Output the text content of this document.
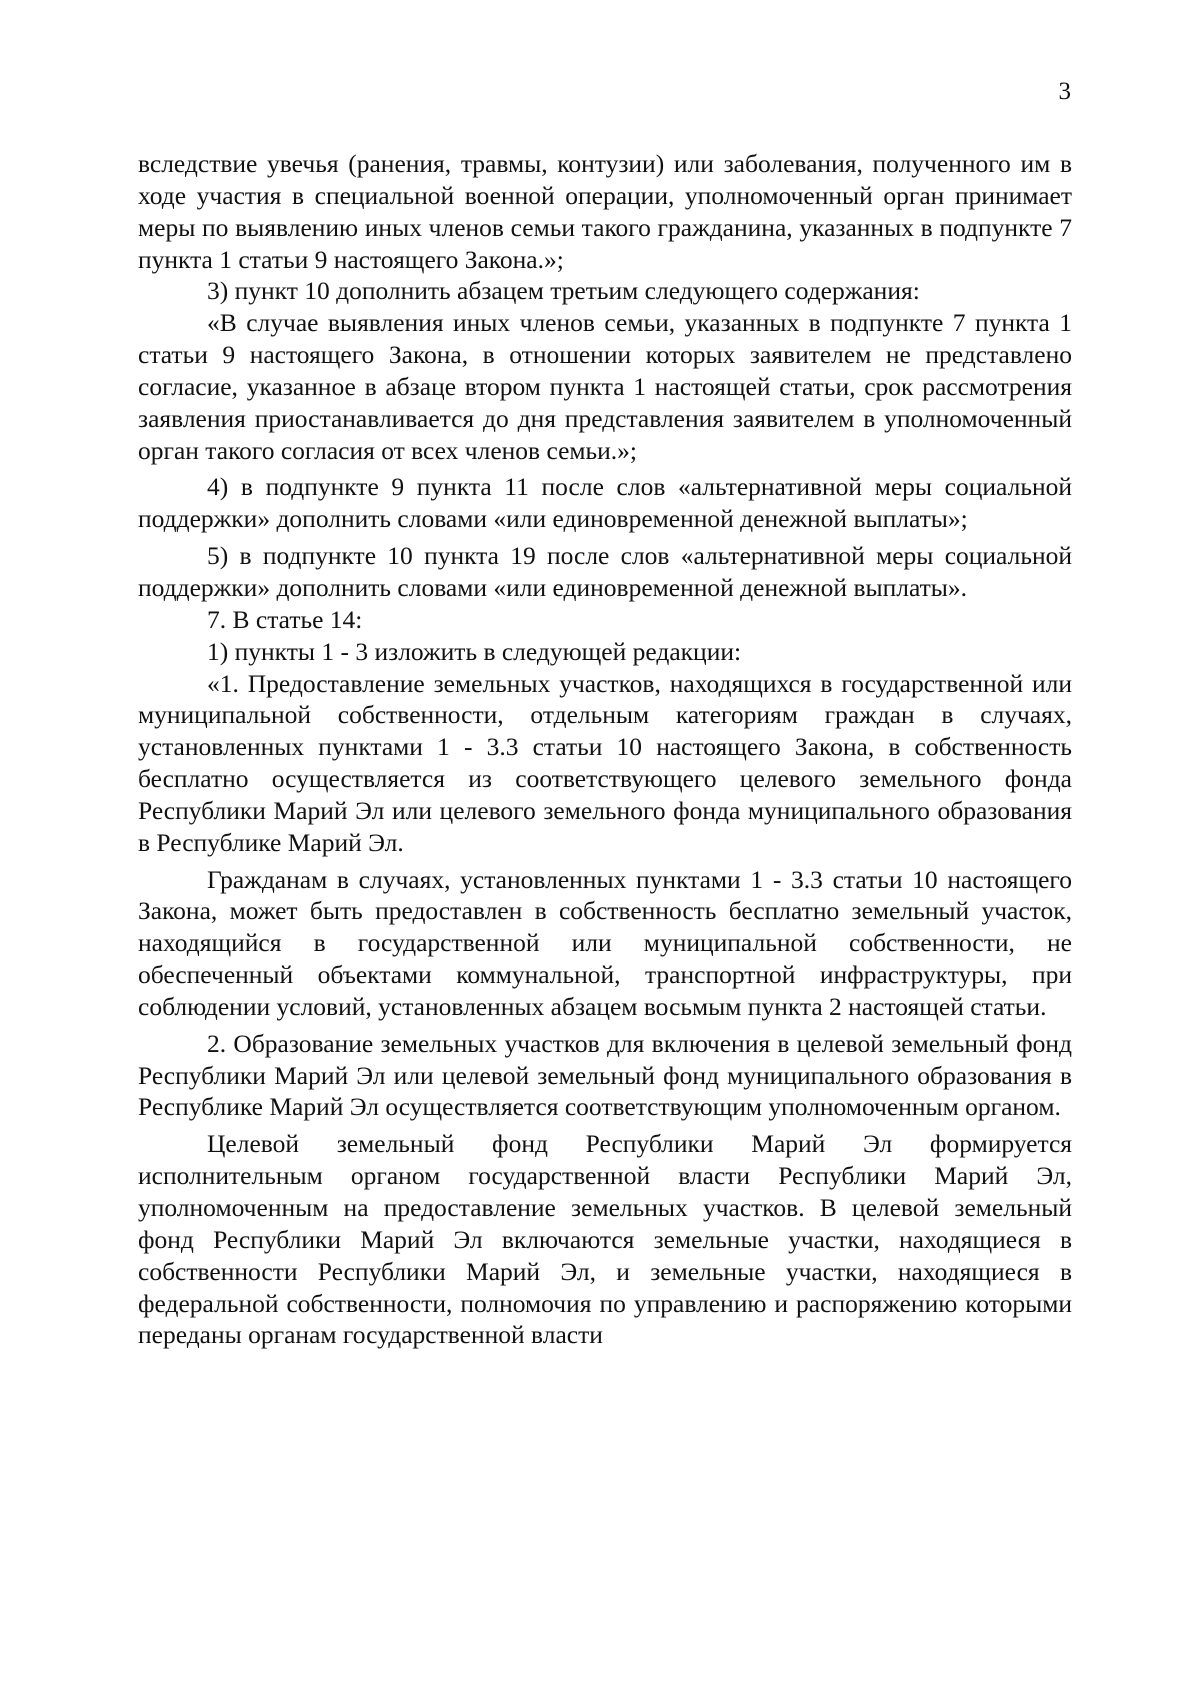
3

вследствие увечья (ранения, травмы, контузии) или заболевания, полученного им в ходе участия в специальной военной операции, уполномоченный орган принимает меры по выявлению иных членов семьи такого гражданина, указанных в подпункте 7 пункта 1 статьи 9 настоящего Закона.»;

3) пункт 10 дополнить абзацем третьим следующего содержания:

«В случае выявления иных членов семьи, указанных в подпункте 7 пункта 1 статьи 9 настоящего Закона, в отношении которых заявителем не представлено согласие, указанное в абзаце втором пункта 1 настоящей статьи, срок рассмотрения заявления приостанавливается до дня представления заявителем в уполномоченный орган такого согласия от всех членов семьи.»;

4) в подпункте 9 пункта 11 после слов «альтернативной меры социальной поддержки» дополнить словами «или единовременной денежной выплаты»;

5) в подпункте 10 пункта 19 после слов «альтернативной меры социальной поддержки» дополнить словами «или единовременной денежной выплаты».

7. В статье 14:

1) пункты 1 - 3 изложить в следующей редакции:

«1. Предоставление земельных участков, находящихся в государственной или муниципальной собственности, отдельным категориям граждан в случаях, установленных пунктами 1 - 3.3 статьи 10 настоящего Закона, в собственность бесплатно осуществляется из соответствующего целевого земельного фонда Республики Марий Эл или целевого земельного фонда муниципального образования в Республике Марий Эл.

Гражданам в случаях, установленных пунктами 1 - 3.3 статьи 10 настоящего Закона, может быть предоставлен в собственность бесплатно земельный участок, находящийся в государственной или муниципальной собственности, не обеспеченный объектами коммунальной, транспортной инфраструктуры, при соблюдении условий, установленных абзацем восьмым пункта 2 настоящей статьи.

2. Образование земельных участков для включения в целевой земельный фонд Республики Марий Эл или целевой земельный фонд муниципального образования в Республике Марий Эл осуществляется соответствующим уполномоченным органом.

Целевой земельный фонд Республики Марий Эл формируется исполнительным органом государственной власти Республики Марий Эл, уполномоченным на предоставление земельных участков. В целевой земельный фонд Республики Марий Эл включаются земельные участки, находящиеся в собственности Республики Марий Эл, и земельные участки, находящиеся в федеральной собственности, полномочия по управлению и распоряжению которыми переданы органам государственной власти
